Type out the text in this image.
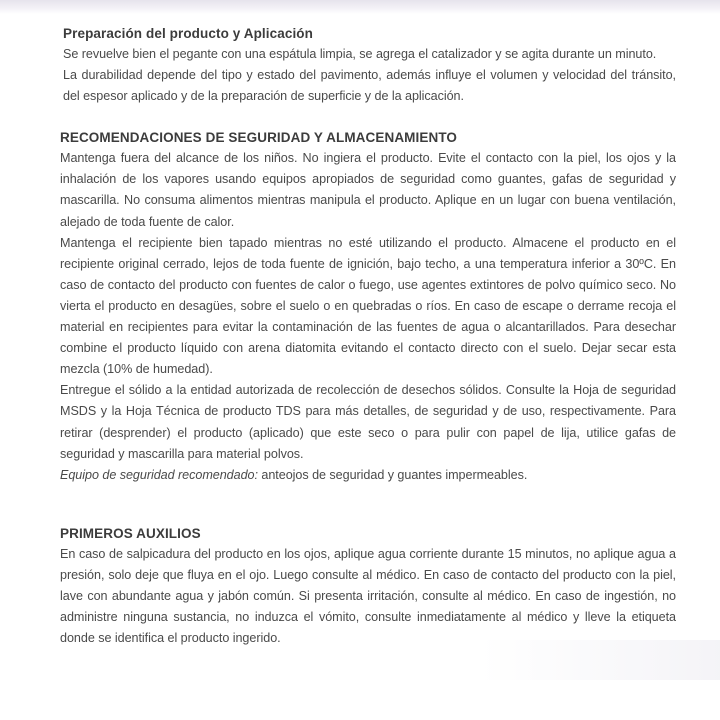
Preparación del producto y Aplicación

Se revuelve bien el pegante con una espátula limpia, se agrega el catalizador y se agita durante un minuto.

La durabilidad depende del tipo y estado del pavimento, además influye el volumen y velocidad del tránsito, del espesor aplicado y de la preparación de superficie y de la aplicación.

RECOMENDACIONES DE SEGURIDAD Y ALMACENAMIENTO

Mantenga fuera del alcance de los niños. No ingiera el producto. Evite el contacto con la piel, los ojos y la inhalación de los vapores usando equipos apropiados de seguridad como guantes, gafas de seguridad y mascarilla. No consuma alimentos mientras manipula el producto. Aplique en un lugar con buena ventilación, alejado de toda fuente de calor.

Mantenga el recipiente bien tapado mientras no esté utilizando el producto. Almacene el producto en el recipiente original cerrado, lejos de toda fuente de ignición, bajo techo, a una temperatura inferior a 30ºC. En caso de contacto del producto con fuentes de calor o fuego, use agentes extintores de polvo químico seco. No vierta el producto en desagües, sobre el suelo o en quebradas o ríos. En caso de escape o derrame recoja el material en recipientes para evitar la contaminación de las fuentes de agua o alcantarillados. Para desechar combine el producto líquido con arena diatomita evitando el contacto directo con el suelo. Dejar secar esta mezcla (10% de humedad).

Entregue el sólido a la entidad autorizada de recolección de desechos sólidos. Consulte la Hoja de seguridad MSDS y la Hoja Técnica de producto TDS para más detalles, de seguridad y de uso, respectivamente. Para retirar (desprender) el producto (aplicado) que este seco o para pulir con papel de lija, utilice gafas de seguridad y mascarilla para material polvos.

Equipo de seguridad recomendado: anteojos de seguridad y guantes impermeables.

PRIMEROS AUXILIOS

En caso de salpicadura del producto en los ojos, aplique agua corriente durante 15 minutos, no aplique agua a presión, solo deje que fluya en el ojo. Luego consulte al médico. En caso de contacto del producto con la piel, lave con abundante agua y jabón común. Si presenta irritación, consulte al médico. En caso de ingestión, no administre ninguna sustancia, no induzca el vómito, consulte inmediatamente al médico y lleve la etiqueta donde se identifica el producto ingerido.
